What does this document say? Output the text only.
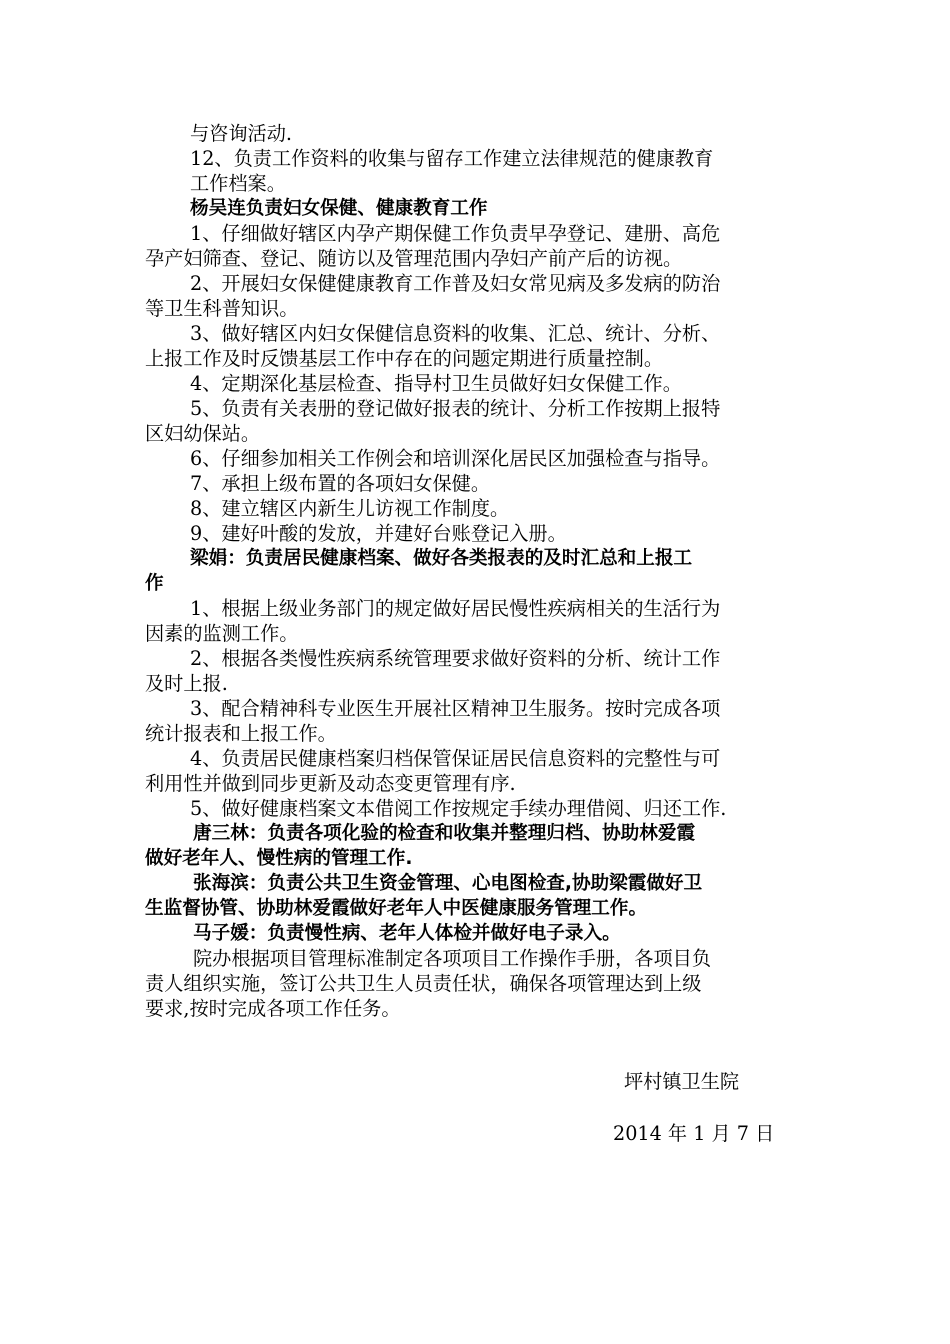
与咨询活动.
12、负责工作资料的收集与留存工作建立法律规范的健康教育
工作档案。
杨吴连负责妇女保健、健康教育工作
1、仔细做好辖区内孕产期保健工作负责早孕登记、建册、高危
孕产妇筛查、登记、随访以及管理范围内孕妇产前产后的访视。
2、开展妇女保健健康教育工作普及妇女常见病及多发病的防治
等卫生科普知识。
3、做好辖区内妇女保健信息资料的收集、汇总、统计、分析、
上报工作及时反馈基层工作中存在的问题定期进行质量控制。
4、定期深化基层检查、指导村卫生员做好妇女保健工作。
5、负责有关表册的登记做好报表的统计、分析工作按期上报特
区妇幼保站。
6、仔细参加相关工作例会和培训深化居民区加强检查与指导。
7、承担上级布置的各项妇女保健。
8、建立辖区内新生儿访视工作制度。
9、建好叶酸的发放，并建好台账登记入册。
梁娟：负责居民健康档案、做好各类报表的及时汇总和上报工
作
1、根据上级业务部门的规定做好居民慢性疾病相关的生活行为
因素的监测工作。
2、根据各类慢性疾病系统管理要求做好资料的分析、统计工作
及时上报.
3、配合精神科专业医生开展社区精神卫生服务。按时完成各项
统计报表和上报工作。
4、负责居民健康档案归档保管保证居民信息资料的完整性与可
利用性并做到同步更新及动态变更管理有序.
5、做好健康档案文本借阅工作按规定手续办理借阅、归还工作.
唐三林：负责各项化验的检查和收集并整理归档、协助林爱霞
做好老年人、慢性病的管理工作.
张海滨：负责公共卫生资金管理、心电图检查,协助梁霞做好卫
生监督协管、协助林爱霞做好老年人中医健康服务管理工作。
马子媛：负责慢性病、老年人体检并做好电子录入。
院办根据项目管理标准制定各项项目工作操作手册，各项目负
责人组织实施，签订公共卫生人员责任状，确保各项管理达到上级
要求,按时完成各项工作任务。
坪村镇卫生院
2014 年 1 月 7 日
